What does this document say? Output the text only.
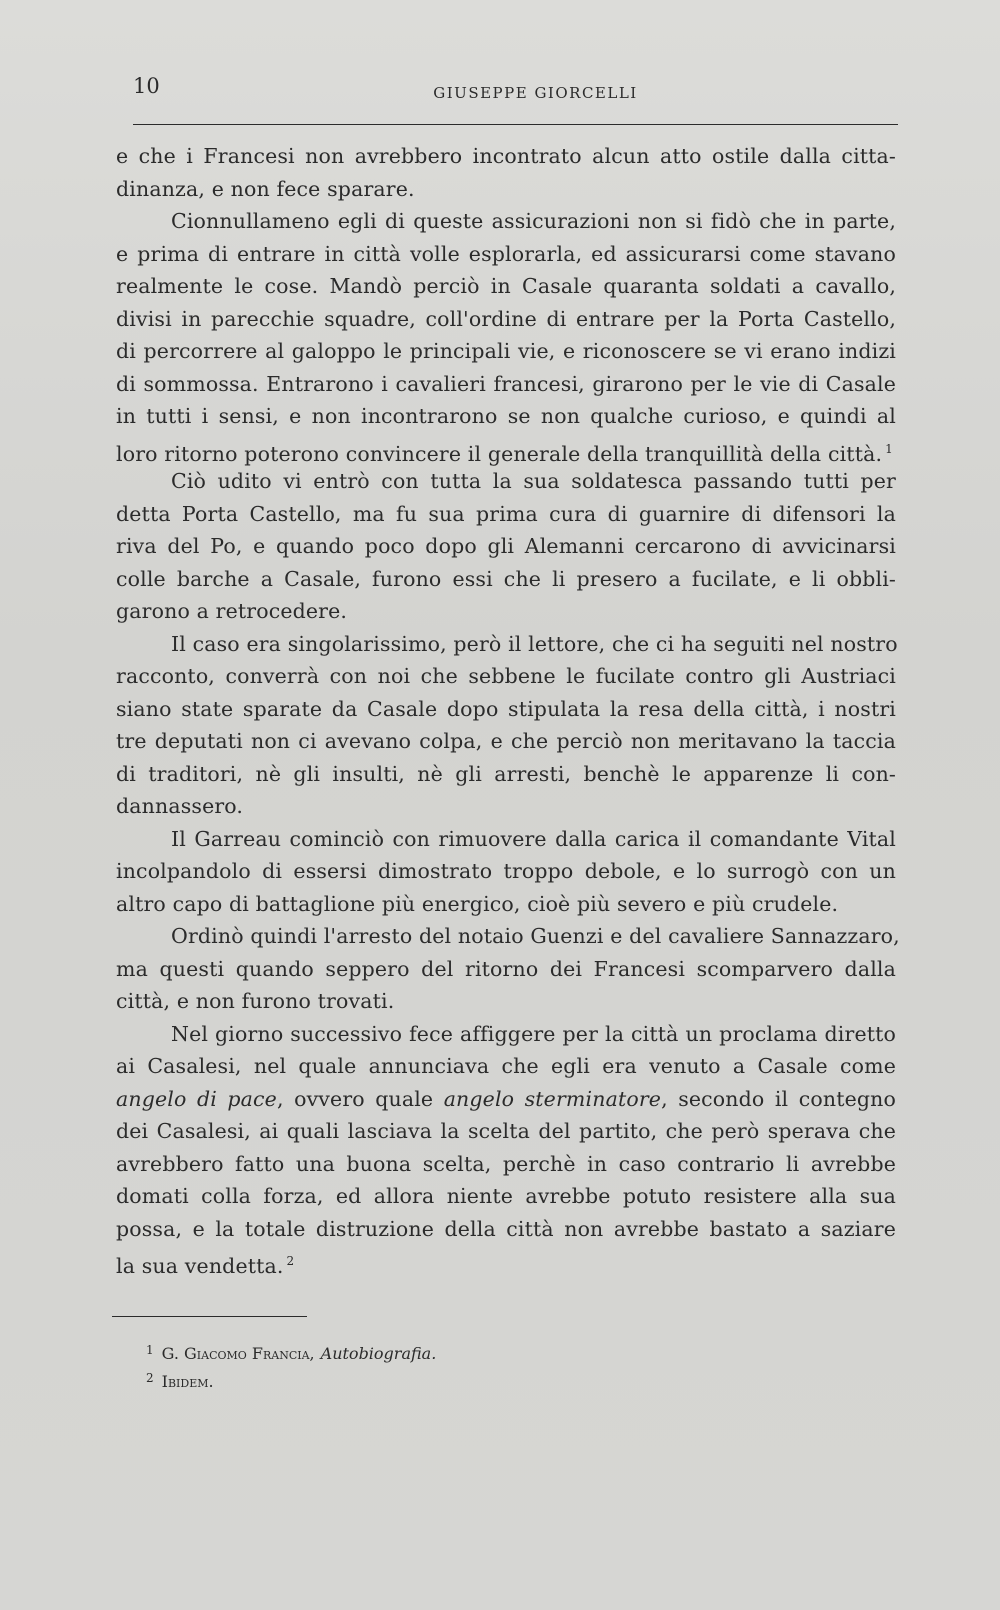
10	GIUSEPPE GIORCELLI
e che i Francesi non avrebbero incontrato alcun atto ostile dalla citta-
dinanza, e non fece sparare.
Cionnullameno egli di queste assicurazioni non si fidò che in parte,
e prima di entrare in città volle esplorarla, ed assicurarsi come stavano
realmente le cose. Mandò perciò in Casale quaranta soldati a cavallo,
divisi in parecchie squadre, coll'ordine di entrare per la Porta Castello,
di percorrere al galoppo le principali vie, e riconoscere se vi erano indizi
di sommossa. Entrarono i cavalieri francesi, girarono per le vie di Casale
in tutti i sensi, e non incontrarono se non qualche curioso, e quindi al
loro ritorno poterono convincere il generale della tranquillità della città. $^1$
Ciò udito vi entrò con tutta la sua soldatesca passando tutti per
detta Porta Castello, ma fu sua prima cura di guarnire di difensori la
riva del Po, e quando poco dopo gli Alemanni cercarono di avvicinarsi
colle barche a Casale, furono essi che li presero a fucilate, e li obbli-
garono a retrocedere.
Il caso era singolarissimo, però il lettore, che ci ha seguiti nel nostro
racconto, converrà con noi che sebbene le fucilate contro gli Austriaci
siano state sparate da Casale dopo stipulata la resa della città, i nostri
tre deputati non ci avevano colpa, e che perciò non meritavano la taccia
di traditori, nè gli insulti, nè gli arresti, benchè le apparenze li con-
dannassero.
Il Garreau cominciò con rimuovere dalla carica il comandante Vital
incolpandolo di essersi dimostrato troppo debole, e lo surrogò con un
altro capo di battaglione più energico, cioè più severo e più crudele.
Ordinò quindi l'arresto del notaio Guenzi e del cavaliere Sannazzaro,
ma questi quando seppero del ritorno dei Francesi scomparvero dalla
città, e non furono trovati.
Nel giorno successivo fece affiggere per la città un proclama diretto
ai Casalesi, nel quale annunciava che egli era venuto a Casale come
angelo di pace, ovvero quale angelo sterminatore, secondo il contegno
dei Casalesi, ai quali lasciava la scelta del partito, che però sperava che
avrebbero fatto una buona scelta, perchè in caso contrario li avrebbe
domati colla forza, ed allora niente avrebbe potuto resistere alla sua
possa, e la totale distruzione della città non avrebbe bastato a saziare
la sua vendetta. $^2$
$^1$ G. Giacomo Francia, Autobiografia.
$^2$ Ibidem.
